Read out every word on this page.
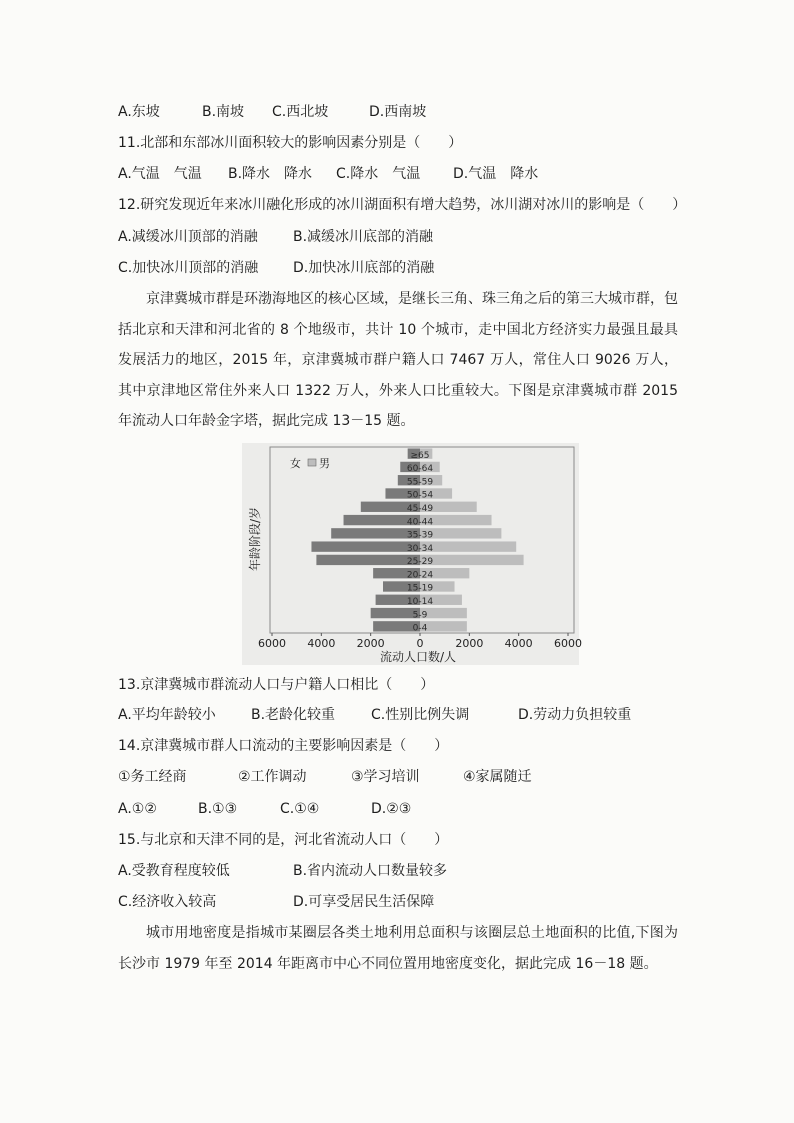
A.东坡	B.南坡 C.西北坡	D.西南坡
11.北部和东部冰川面积较大的影响因素分别是（　　）
A.气温　气温 B.降水　降水 C.降水　气温 D.气温　降水
12.研究发现近年来冰川融化形成的冰川湖面积有增大趋势，冰川湖对冰川的影响是（　　）
A.减缓冰川顶部的消融	B.减缓冰川底部的消融
C.加快冰川顶部的消融 D.加快冰川底部的消融
京津冀城市群是环渤海地区的核心区域，是继长三角、珠三角之后的第三大城市群，包括北京和天津和河北省的 8 个地级市，共计 10 个城市，走中国北方经济实力最强且最具发展活力的地区，2015 年，京津冀城市群户籍人口 7467 万人，常住人口 9026 万人，其中京津地区常住外来人口 1322 万人，外来人口比重较大。下图是京津冀城市群 2015 年流动人口年龄金字塔，据此完成 13－15 题。
0-4
5-9
10-14
15-19
20-24
25-29
30-34
35-39
40-44
45-49
50-54
55-59
60-64
≥65
6000 4000 2000	0	2000 4000 6000
流动人口数/人
年龄阶段/岁
女 男
13.京津冀城市群流动人口与户籍人口相比（　　）
A.平均年龄较小	B.老龄化较重	C.性别比例失调	D.劳动力负担较重
14.京津冀城市群人口流动的主要影响因素是（　　）
①务工经商	②工作调动	③学习培训	④家属随迁
A.①②	B.①③	C.①④	D.②③
15.与北京和天津不同的是，河北省流动人口（　　）
A.受教育程度较低	B.省内流动人口数量较多
C.经济收入较高	D.可享受居民生活保障
城市用地密度是指城市某圈层各类土地利用总面积与该圈层总土地面积的比值,下图为长沙市 1979 年至 2014 年距离市中心不同位置用地密度变化，据此完成 16－18 题。
